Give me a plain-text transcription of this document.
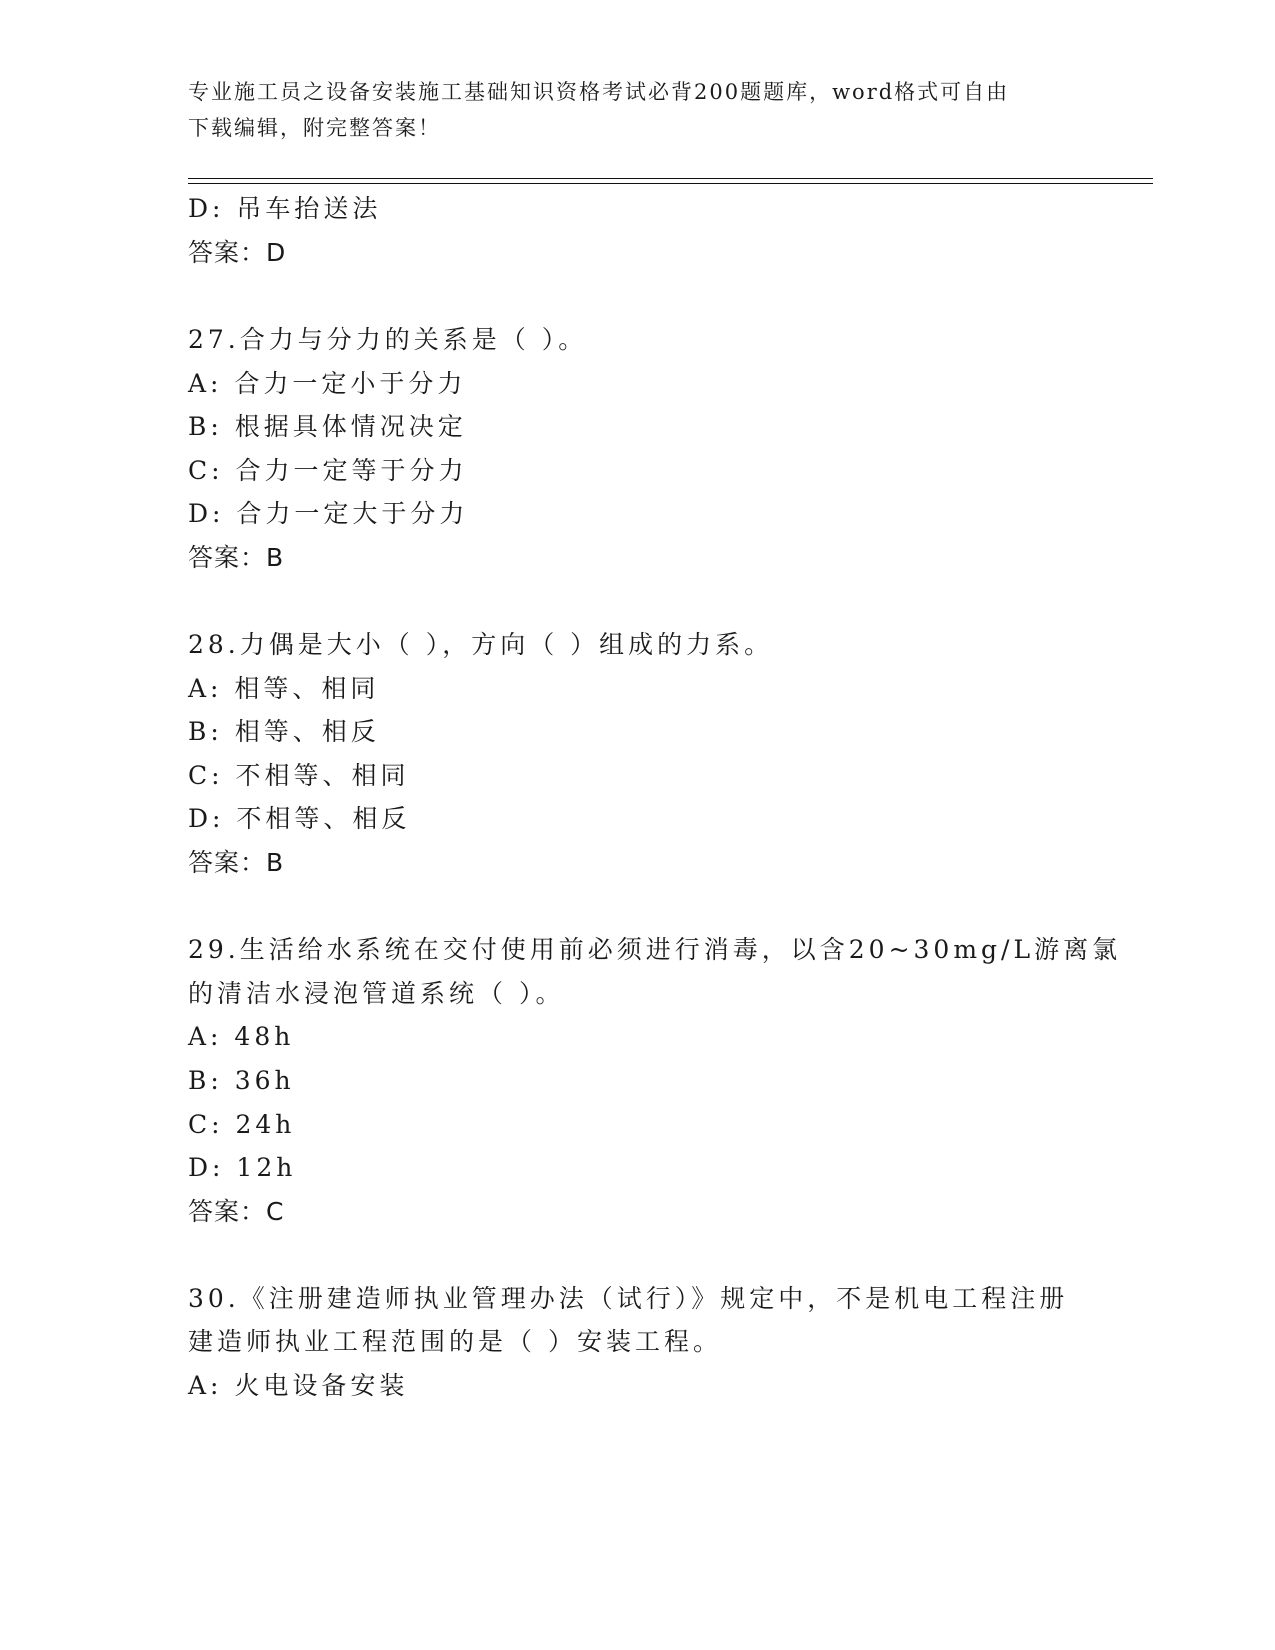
专业施工员之设备安装施工基础知识资格考试必背200题题库，word格式可自由
下载编辑，附完整答案！
D: 吊车抬送法
答案：D
27.合力与分力的关系是（ ）。
A: 合力一定小于分力
B: 根据具体情况决定
C: 合力一定等于分力
D: 合力一定大于分力
答案：B
28.力偶是大小（ ），方向（ ）组成的力系。
A: 相等、相同
B: 相等、相反
C: 不相等、相同
D: 不相等、相反
答案：B
29.生活给水系统在交付使用前必须进行消毒，以含20~30mg/L游离氯
的清洁水浸泡管道系统（ ）。
A: 48h
B: 36h
C: 24h
D: 12h
答案：C
30.《注册建造师执业管理办法（试行）》规定中，不是机电工程注册
建造师执业工程范围的是（ ）安装工程。
A: 火电设备安装
